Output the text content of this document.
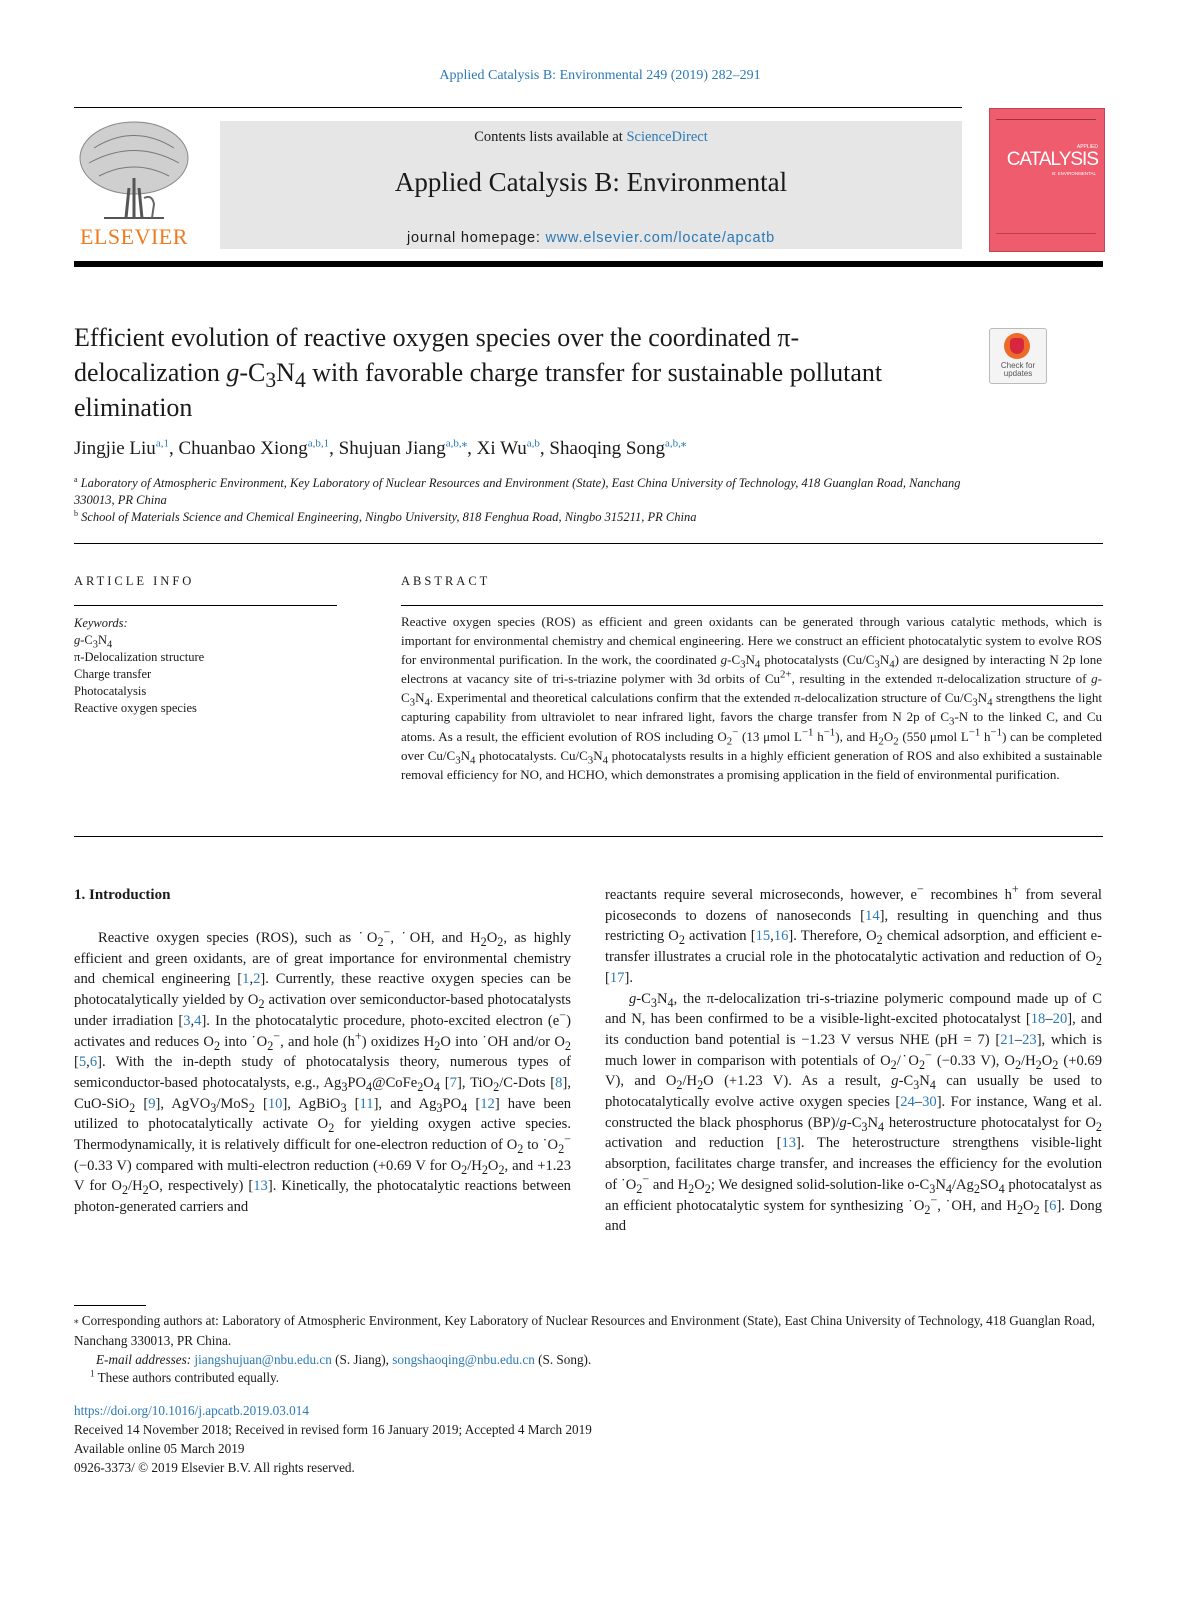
Applied Catalysis B: Environmental 249 (2019) 282–291
ELSEVIER
Contents lists available at ScienceDirect
Applied Catalysis B: Environmental
journal homepage: www.elsevier.com/locate/apcatb
APPLIED
CATALYSIS
B: ENVIRONMENTAL
Efficient evolution of reactive oxygen species over the coordinated π-delocalization $g-C_3N_4$ with favorable charge transfer for sustainable pollutant elimination
Check for updates
Jingjie Liu$^{a,1}$, Chuanbao Xiong$^{a,b,1}$, Shujuan Jiang$^{a,b,⁎}$, Xi Wu$^{a,b}$, Shaoqing Song$^{a,b,⁎}$
$^a$ Laboratory of Atmospheric Environment, Key Laboratory of Nuclear Resources and Environment (State), East China University of Technology, 418 Guanglan Road, Nanchang 330013, PR China
$^b$ School of Materials Science and Chemical Engineering, Ningbo University, 818 Fenghua Road, Ningbo 315211, PR China
ARTICLE INFO
Keywords:
$g-C_3N_4$
π-Delocalization structure
Charge transfer
Photocatalysis
Reactive oxygen species
ABSTRACT
Reactive oxygen species (ROS) as efficient and green oxidants can be generated through various catalytic methods, which is important for environmental chemistry and chemical engineering. Here we construct an efficient photocatalytic system to evolve ROS for environmental purification. In the work, the coordinated $g-C_3N_4$ photocatalysts $(Cu/C_3N_4)$ are designed by interacting N 2p lone electrons at vacancy site of tri-s-triazine polymer with 3d orbits of $Cu^{2+}$, resulting in the extended π-delocalization structure of $g-C_3N_4$. Experimental and theoretical calculations confirm that the extended π-delocalization structure of $Cu/C_3N_4$ strengthens the light capturing capability from ultraviolet to near infrared light, favors the charge transfer from N 2p of $C_3-N$ to the linked C, and Cu atoms. As a result, the efficient evolution of ROS including $O_2^-$ (13 μmol $L^{-1}$ $h^{-1}$), and $H_2O_2$ (550 μmol $L^{-1}$ $h^{-1}$) can be completed over $Cu/C_3N_4$ photocatalysts. $Cu/C_3N_4$ photocatalysts results in a highly efficient generation of ROS and also exhibited a sustainable removal efficiency for NO, and HCHO, which demonstrates a promising application in the field of environmental purification.
1. Introduction

Reactive oxygen species (ROS), such as $˙O_2^-$, ˙OH, and $H_2O_2$, as highly efficient and green oxidants, are of great importance for environmental chemistry and chemical engineering [1,2]. Currently, these reactive oxygen species can be photocatalytically yielded by $O_2$ activation over semiconductor-based photocatalysts under irradiation [3,4]. In the photocatalytic procedure, photo-excited electron (e−) activates and reduces $O_2$ into $˙O_2^-$, and hole (h+) oxidizes $H_2O$ into ˙OH and/or $O_2$ [5,6]. With the in-depth study of photocatalysis theory, numerous types of semiconductor-based photocatalysts, e.g., $Ag_3PO_4@CoFe_2O_4$ [7], TiO$_2$/C-Dots [8], CuO-SiO$_2$ [9], AgVO$_3$/MoS$_2$ [10], AgBiO$_3$ [11], and $Ag_3PO_4$ [12] have been utilized to photocatalytically activate $O_2$ for yielding oxygen active species. Thermodynamically, it is relatively difficult for one-electron reduction of $O_2$ to $˙O_2^-$ (−0.33 V) compared with multi-electron reduction (+0.69 V for $O_2/H_2O_2$, and +1.23 V for $O_2/H_2O$, respectively) [13]. Kinetically, the photocatalytic reactions between photon-generated carriers and

reactants require several microseconds, however, e− recombines h+ from several picoseconds to dozens of nanoseconds [14], resulting in quenching and thus restricting $O_2$ activation [15,16]. Therefore, $O_2$ chemical adsorption, and efficient e- transfer illustrates a crucial role in the photocatalytic activation and reduction of $O_2$ [17].

$g-C_3N_4$, the π-delocalization tri-s-triazine polymeric compound made up of C and N, has been confirmed to be a visible-light-excited photocatalyst [18–20], and its conduction band potential is −1.23 V versus NHE (pH = 7) [21–23], which is much lower in comparison with potentials of $O_2/˙O_2^-$ (−0.33 V), $O_2/H_2O_2$ (+0.69 V), and $O_2/H_2O$ (+1.23 V). As a result, $g-C_3N_4$ can usually be used to photocatalytically evolve active oxygen species [24–30]. For instance, Wang et al. constructed the black phosphorus $(BP)/g-C_3N_4$ heterostructure photocatalyst for $O_2$ activation and reduction [13]. The heterostructure strengthens visible-light absorption, facilitates charge transfer, and increases the efficiency for the evolution of $˙O_2^-$ and $H_2O_2$; We designed solid-solution-like $o-C_3N_4/Ag_2SO_4$ photocatalyst as an efficient photocatalytic system for synthesizing $˙O_2^-$, ˙OH, and $H_2O_2$ [6]. Dong and

⁎ Corresponding authors at: Laboratory of Atmospheric Environment, Key Laboratory of Nuclear Resources and Environment (State), East China University of Technology, 418 Guanglan Road, Nanchang 330013, PR China.
E-mail addresses: jiangshujuan@nbu.edu.cn (S. Jiang), songshaoqing@nbu.edu.cn (S. Song).
$^1$ These authors contributed equally.
https://doi.org/10.1016/j.apcatb.2019.03.014
Received 14 November 2018; Received in revised form 16 January 2019; Accepted 4 March 2019
Available online 05 March 2019
0926-3373/ © 2019 Elsevier B.V. All rights reserved.
